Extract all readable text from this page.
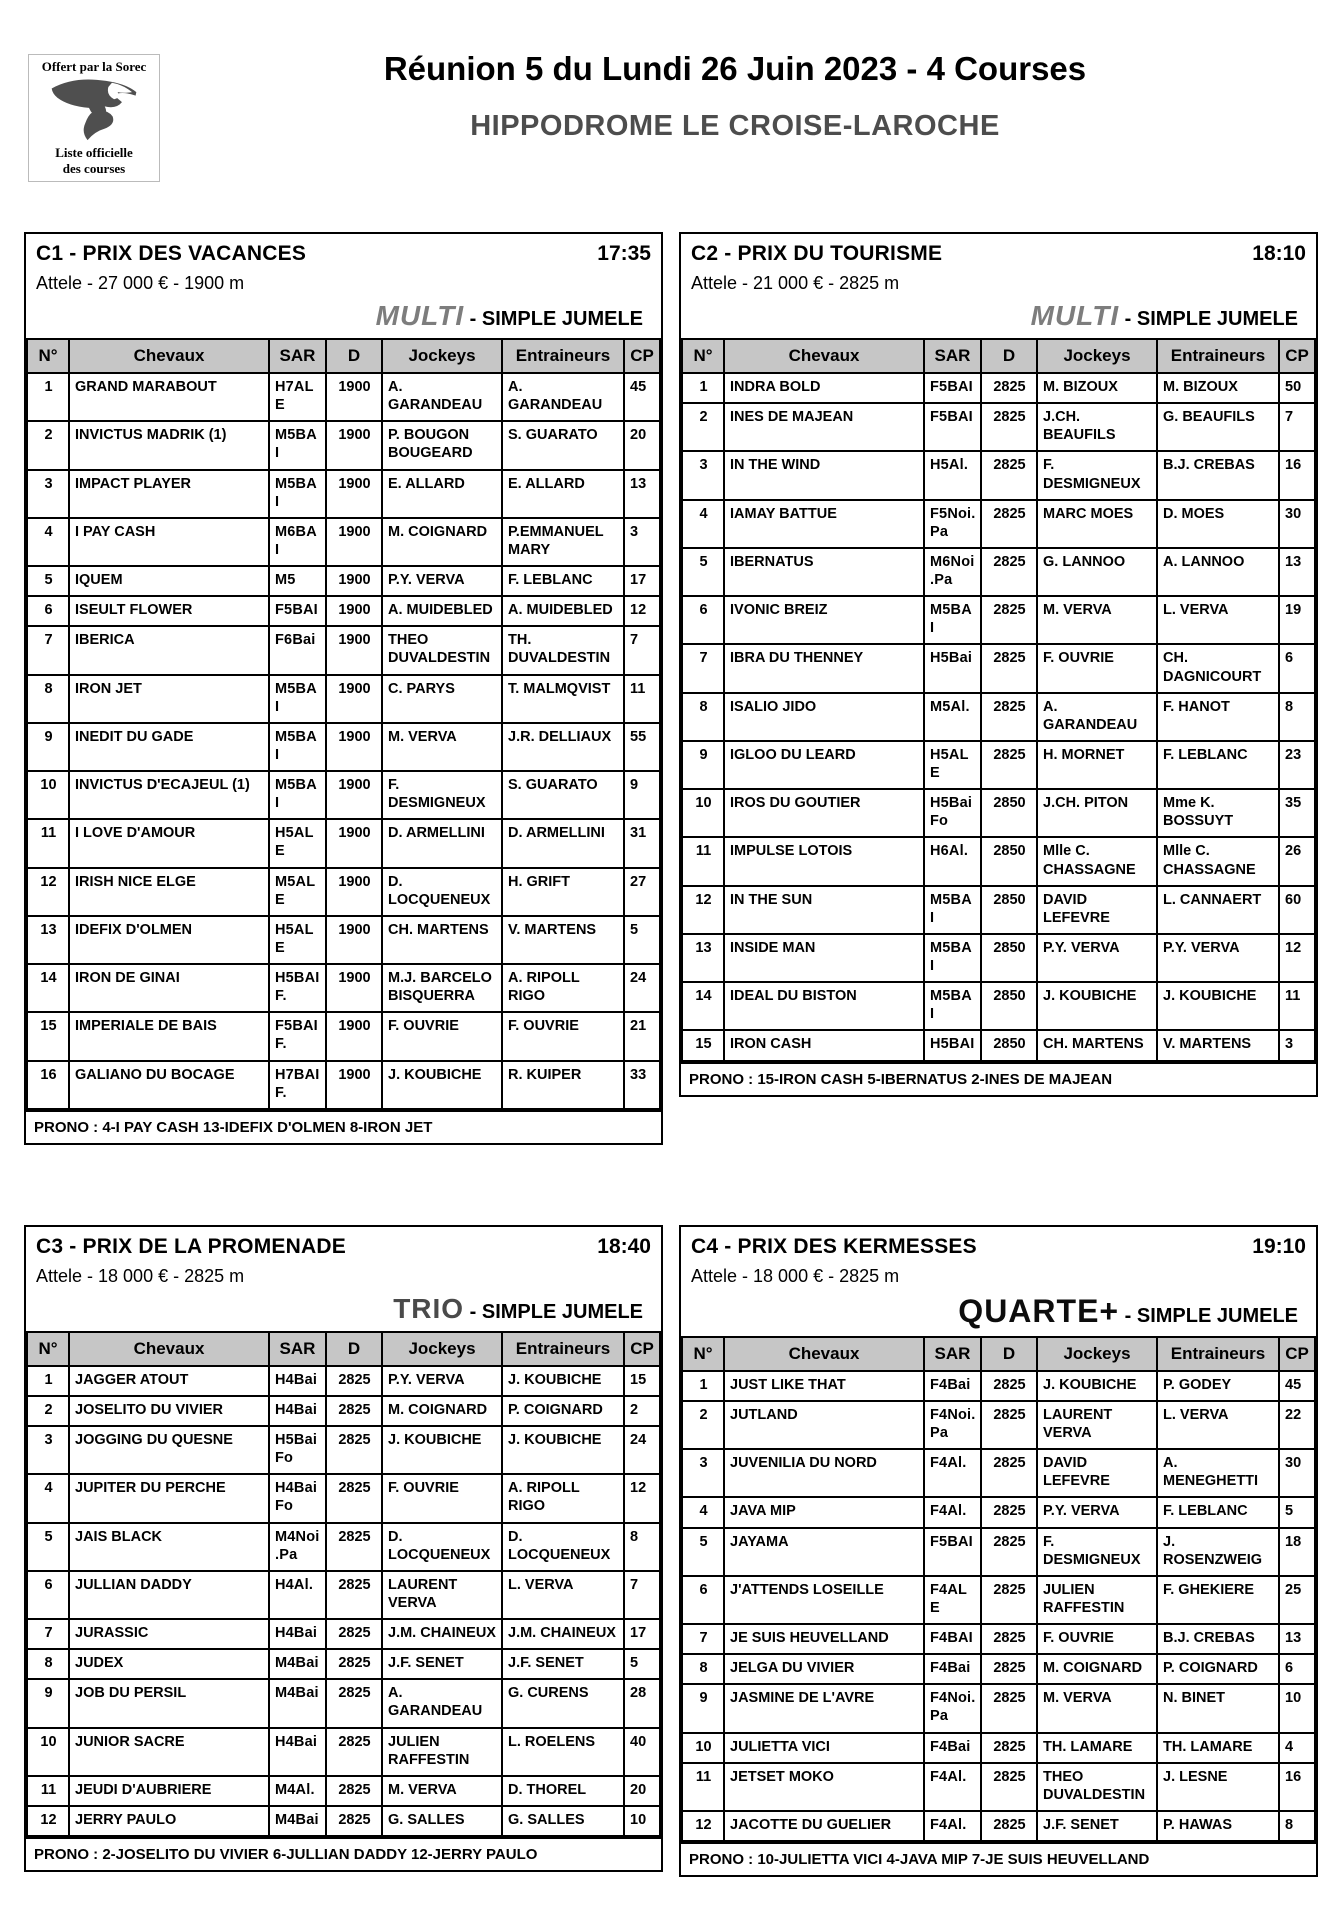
Offert par la Sorec
Liste officielle
des courses
Réunion 5 du Lundi 26 Juin 2023 - 4 Courses
HIPPODROME LE CROISE-LAROCHE
C1 - PRIX DES VACANCES	17:35
Attele - 27 000 € - 1900 m
MULTI - SIMPLE JUMELE
N°	Chevaux	SAR	D	Jockeys	Entraineurs	CP
1	GRAND MARABOUT	H7ALE	1900	A. GARANDEAU	A. GARANDEAU	45
2	INVICTUS MADRIK (1)	M5BAI	1900	P. BOUGON BOUGEARD	S. GUARATO	20
3	IMPACT PLAYER	M5BAI	1900	E. ALLARD	E. ALLARD	13
4	I PAY CASH	M6BAI	1900	M. COIGNARD	P.EMMANUEL MARY	3
5	IQUEM	M5	1900	P.Y. VERVA	F. LEBLANC	17
6	ISEULT FLOWER	F5BAI	1900	A. MUIDEBLED	A. MUIDEBLED	12
7	IBERICA	F6Bai	1900	THEO DUVALDESTIN	TH. DUVALDESTIN	7
8	IRON JET	M5BAI	1900	C. PARYS	T. MALMQVIST	11
9	INEDIT DU GADE	M5BAI	1900	M. VERVA	J.R. DELLIAUX	55
10	INVICTUS D'ECAJEUL (1)	M5BAI	1900	F. DESMIGNEUX	S. GUARATO	9
11	I LOVE D'AMOUR	H5ALE	1900	D. ARMELLINI	D. ARMELLINI	31
12	IRISH NICE ELGE	M5ALE	1900	D. LOCQUENEUX	H. GRIFT	27
13	IDEFIX D'OLMEN	H5ALE	1900	CH. MARTENS	V. MARTENS	5
14	IRON DE GINAI	H5BAI F.	1900	M.J. BARCELO BISQUERRA	A. RIPOLL RIGO	24
15	IMPERIALE DE BAIS	F5BAI F.	1900	F. OUVRIE	F. OUVRIE	21
16	GALIANO DU BOCAGE	H7BAI F.	1900	J. KOUBICHE	R. KUIPER	33
PRONO : 4-I PAY CASH 13-IDEFIX D'OLMEN 8-IRON JET
C2 - PRIX DU TOURISME	18:10
Attele - 21 000 € - 2825 m
MULTI - SIMPLE JUMELE
N°	Chevaux	SAR	D	Jockeys	Entraineurs	CP
1	INDRA BOLD	F5BAI	2825	M. BIZOUX	M. BIZOUX	50
2	INES DE MAJEAN	F5BAI	2825	J.CH. BEAUFILS	G. BEAUFILS	7
3	IN THE WIND	H5Al.	2825	F. DESMIGNEUX	B.J. CREBAS	16
4	IAMAY BATTUE	F5Noi.Pa	2825	MARC MOES	D. MOES	30
5	IBERNATUS	M6Noi.Pa	2825	G. LANNOO	A. LANNOO	13
6	IVONIC BREIZ	M5BAI	2825	M. VERVA	L. VERVA	19
7	IBRA DU THENNEY	H5Bai	2825	F. OUVRIE	CH. DAGNICOURT	6
8	ISALIO JIDO	M5Al.	2825	A. GARANDEAU	F. HANOT	8
9	IGLOO DU LEARD	H5ALE	2825	H. MORNET	F. LEBLANC	23
10	IROS DU GOUTIER	H5Bai Fo	2850	J.CH. PITON	Mme K. BOSSUYT	35
11	IMPULSE LOTOIS	H6Al.	2850	Mlle C. CHASSAGNE	Mlle C. CHASSAGNE	26
12	IN THE SUN	M5BAI	2850	DAVID LEFEVRE	L. CANNAERT	60
13	INSIDE MAN	M5BAI	2850	P.Y. VERVA	P.Y. VERVA	12
14	IDEAL DU BISTON	M5BAI	2850	J. KOUBICHE	J. KOUBICHE	11
15	IRON CASH	H5BAI	2850	CH. MARTENS	V. MARTENS	3
PRONO : 15-IRON CASH 5-IBERNATUS 2-INES DE MAJEAN
C3 - PRIX DE LA PROMENADE	18:40
Attele - 18 000 € - 2825 m
TRIO - SIMPLE JUMELE
N°	Chevaux	SAR	D	Jockeys	Entraineurs	CP
1	JAGGER ATOUT	H4Bai	2825	P.Y. VERVA	J. KOUBICHE	15
2	JOSELITO DU VIVIER	H4Bai	2825	M. COIGNARD	P. COIGNARD	2
3	JOGGING DU QUESNE	H5Bai Fo	2825	J. KOUBICHE	J. KOUBICHE	24
4	JUPITER DU PERCHE	H4Bai Fo	2825	F. OUVRIE	A. RIPOLL RIGO	12
5	JAIS BLACK	M4Noi.Pa	2825	D. LOCQUENEUX	D. LOCQUENEUX	8
6	JULLIAN DADDY	H4Al.	2825	LAURENT VERVA	L. VERVA	7
7	JURASSIC	H4Bai	2825	J.M. CHAINEUX	J.M. CHAINEUX	17
8	JUDEX	M4Bai	2825	J.F. SENET	J.F. SENET	5
9	JOB DU PERSIL	M4Bai	2825	A. GARANDEAU	G. CURENS	28
10	JUNIOR SACRE	H4Bai	2825	JULIEN RAFFESTIN	L. ROELENS	40
11	JEUDI D'AUBRIERE	M4Al.	2825	M. VERVA	D. THOREL	20
12	JERRY PAULO	M4Bai	2825	G. SALLES	G. SALLES	10
PRONO : 2-JOSELITO DU VIVIER 6-JULLIAN DADDY 12-JERRY PAULO
C4 - PRIX DES KERMESSES	19:10
Attele - 18 000 € - 2825 m
QUARTE+ - SIMPLE JUMELE
N°	Chevaux	SAR	D	Jockeys	Entraineurs	CP
1	JUST LIKE THAT	F4Bai	2825	J. KOUBICHE	P. GODEY	45
2	JUTLAND	F4Noi.Pa	2825	LAURENT VERVA	L. VERVA	22
3	JUVENILIA DU NORD	F4Al.	2825	DAVID LEFEVRE	A. MENEGHETTI	30
4	JAVA MIP	F4Al.	2825	P.Y. VERVA	F. LEBLANC	5
5	JAYAMA	F5BAI	2825	F. DESMIGNEUX	J. ROSENZWEIG	18
6	J'ATTENDS LOSEILLE	F4ALE	2825	JULIEN RAFFESTIN	F. GHEKIERE	25
7	JE SUIS HEUVELLAND	F4BAI	2825	F. OUVRIE	B.J. CREBAS	13
8	JELGA DU VIVIER	F4Bai	2825	M. COIGNARD	P. COIGNARD	6
9	JASMINE DE L'AVRE	F4Noi.Pa	2825	M. VERVA	N. BINET	10
10	JULIETTA VICI	F4Bai	2825	TH. LAMARE	TH. LAMARE	4
11	JETSET MOKO	F4Al.	2825	THEO DUVALDESTIN	J. LESNE	16
12	JACOTTE DU GUELIER	F4Al.	2825	J.F. SENET	P. HAWAS	8
PRONO : 10-JULIETTA VICI 4-JAVA MIP 7-JE SUIS HEUVELLAND
